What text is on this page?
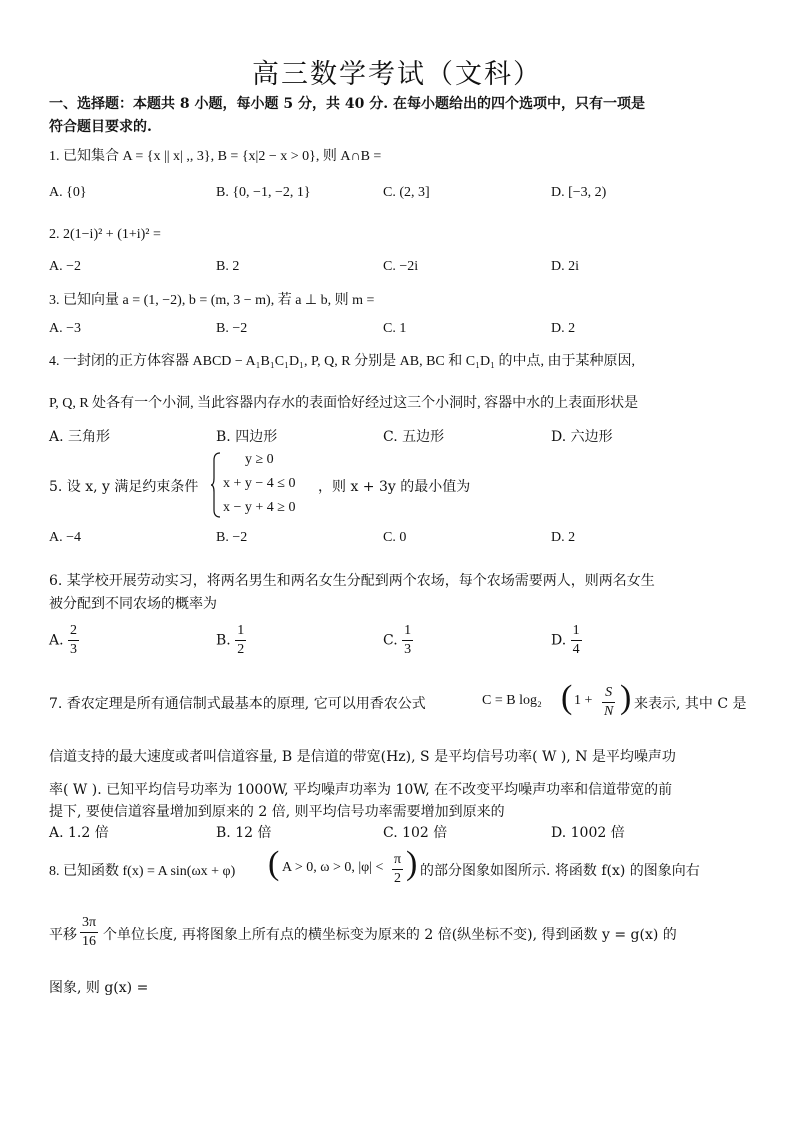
高三数学考试（文科）
一、选择题：本题共 8 小题，每小题 5 分，共 40 分. 在每小题给出的四个选项中，只有一项是
符合题目要求的.
1. 已知集合 A = {x || x| ,, 3}, B = {x|2 − x > 0}, 则 A∩B =
A. {0}	B. {0, −1, −2, 1}	C. (2, 3]	D. [−3, 2)
2. 2(1−i)² + (1+i)² =
A. −2	B. 2	C. −2i	D. 2i
3. 已知向量 a = (1, −2), b = (m, 3 − m), 若 a ⊥ b, 则 m =
A. −3	B. −2	C. 1	D. 2
4. 一封闭的正方体容器 ABCD − A₁B₁C₁D₁, P, Q, R 分别是 AB, BC 和 C₁D₁ 的中点, 由于某种原因,
P, Q, R 处各有一个小洞, 当此容器内存水的表面恰好经过这三个小洞时, 容器中水的上表面形状是
A. 三角形	B. 四边形	C. 五边形	D. 六边形
5. 设 x, y 满足约束条件
y ≥ 0
x + y − 4 ≤ 0
x − y + 4 ≥ 0
，则 x + 3y 的最小值为
A. −4	B. −2	C. 0	D. 2
6. 某学校开展劳动实习，将两名男生和两名女生分配到两个农场，每个农场需要两人，则两名女生
被分配到不同农场的概率为
A. $\frac{2}{3}$	B. $\frac{1}{2}$	C. $\frac{1}{3}$	D. $\frac{1}{4}$
7. 香农定理是所有通信制式最基本的原理, 它可以用香农公式	C = B log₂ ( $1 + \frac{S}{N}$ ) 来表示, 其中 C 是
信道支持的最大速度或者叫信道容量, B 是信道的带宽(Hz), S 是平均信号功率( W ), N 是平均噪声功
率( W ). 已知平均信号功率为 1000W, 平均噪声功率为 10W, 在不改变平均噪声功率和信道带宽的前
提下, 要使信道容量增加到原来的 2 倍, 则平均信号功率需要增加到原来的
A. 1.2 倍	B. 12 倍	C. 102 倍	D. 1002 倍
8. 已知函数 f(x) = A sin(ωx + φ) ( A > 0, ω > 0, $|\varphi| < \frac{\pi}{2}$ ) 的部分图象如图所示. 将函数 f(x) 的图象向右
平移 $\frac{3\pi}{16}$ 个单位长度, 再将图象上所有点的横坐标变为原来的 2 倍(纵坐标不变), 得到函数 y = g(x) 的
图象, 则 g(x) =
